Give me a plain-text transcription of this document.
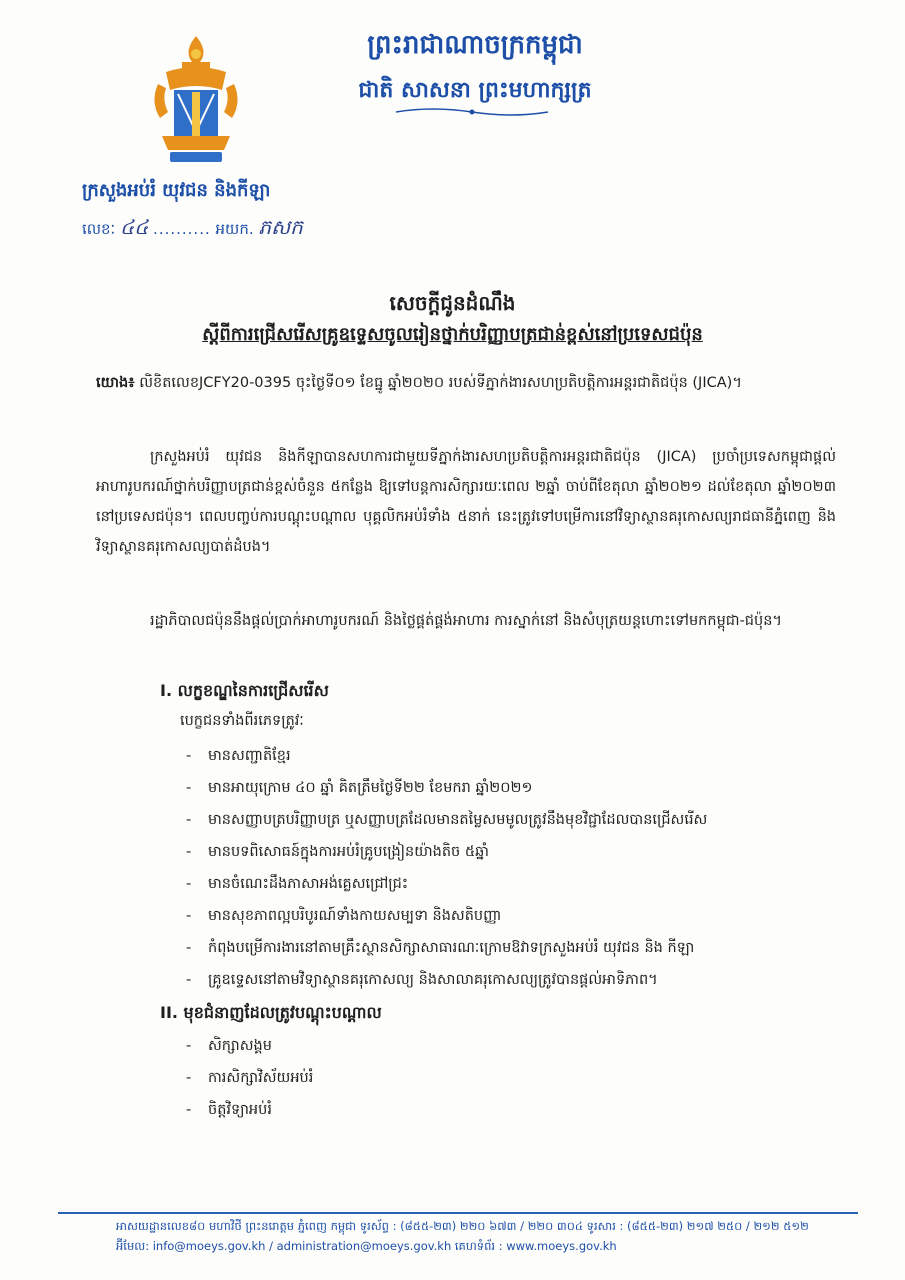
ព្រះរាជាណាចក្រកម្ពុជា
ជាតិ សាសនា ព្រះមហាក្សត្រ
ក្រសួងអប់រំ យុវជន និងកីឡា
លេខៈ ៤៤ .......... អយក. ភសក
សេចក្តីជូនដំណឹង
ស្តីពីការជ្រើសរើសគ្រូឧទ្ទេសចូលរៀនថ្នាក់បរិញ្ញាបត្រជាន់ខ្ពស់នៅប្រទេសជប៉ុន
យោង៖ លិខិតលេខJCFY20-0395 ចុះថ្ងៃទី០១ ខែធ្នូ ឆ្នាំ២០២០ របស់ទីភ្នាក់ងារសហប្រតិបត្តិការអន្តរជាតិជប៉ុន (JICA)។
ក្រសួងអប់រំ យុវជន និងកីឡាបានសហការជាមួយទីភ្នាក់ងារសហប្រតិបត្តិការអន្តរជាតិជប៉ុន (JICA) ប្រចាំប្រទេសកម្ពុជាផ្តល់អាហារូបករណ៍ថ្នាក់បរិញ្ញាបត្រជាន់ខ្ពស់ចំនួន ៥កន្លែង ឱ្យទៅបន្តការសិក្សារយៈពេល ២ឆ្នាំ ចាប់ពីខែតុលា ឆ្នាំ២០២១ ដល់ខែតុលា ឆ្នាំ២០២៣ នៅប្រទេសជប៉ុន។ ពេលបញ្ចប់ការបណ្តុះបណ្តាល បុគ្គលិកអប់រំទាំង ៥នាក់ នេះត្រូវទៅបម្រើការនៅវិទ្យាស្ថានគរុកោសល្យរាជធានីភ្នំពេញ និងវិទ្យាស្ថានគរុកោសល្យបាត់ដំបង។
រដ្ឋាភិបាលជប៉ុននឹងផ្តល់ប្រាក់អាហារូបករណ៍ និងថ្លៃផ្គត់ផ្គង់អាហារ ការស្នាក់នៅ និងសំបុត្រយន្តហោះទៅមកកម្ពុជា-ជប៉ុន។
I. លក្ខខណ្ឌនៃការជ្រើសរើស
បេក្ខជនទាំងពីរភេទត្រូវៈ
- មានសញ្ជាតិខ្មែរ
- មានអាយុក្រោម ៤០ ឆ្នាំ គិតត្រឹមថ្ងៃទី២២ ខែមករា ឆ្នាំ២០២១
- មានសញ្ញាបត្របរិញ្ញាបត្រ ឬសញ្ញាបត្រដែលមានតម្លៃសមមូលត្រូវនឹងមុខវិជ្ជាដែលបានជ្រើសរើស
- មានបទពិសោធន៍ក្នុងការអប់រំគ្រូបង្រៀនយ៉ាងតិច ៥ឆ្នាំ
- មានចំណេះដឹងភាសាអង់គ្លេសជ្រៅជ្រះ
- មានសុខភាពល្អបរិបូរណ៍ទាំងកាយសម្បទា និងសតិបញ្ញា
- កំពុងបម្រើការងារនៅតាមគ្រឹះស្ថានសិក្សាសាធារណៈក្រោមឱវាទក្រសួងអប់រំ យុវជន និង កីឡា
- គ្រូឧទ្ទេសនៅតាមវិទ្យាស្ថានគរុកោសល្យ និងសាលាគរុកោសល្យត្រូវបានផ្តល់អាទិភាព។
II. មុខជំនាញដែលត្រូវបណ្តុះបណ្តាល
- សិក្សាសង្គម
- ការសិក្សាវិស័យអប់រំ
- ចិត្តវិទ្យាអប់រំ
អាសយដ្ឋានលេខ៨០ មហាវិថី ព្រះនរោត្តម ភ្នំពេញ កម្ពុជា ទូរស័ព្ទ : (៨៥៥-២៣) ២២០ ៦៧៣ / ២២០ ៣០៤ ទូរសារ : (៨៥៥-២៣) ២១៧ ២៥០ / ២១២ ៥១២
អ៊ីមែល: info@moeys.gov.kh / administration@moeys.gov.kh គេហទំព័រ : www.moeys.gov.kh
